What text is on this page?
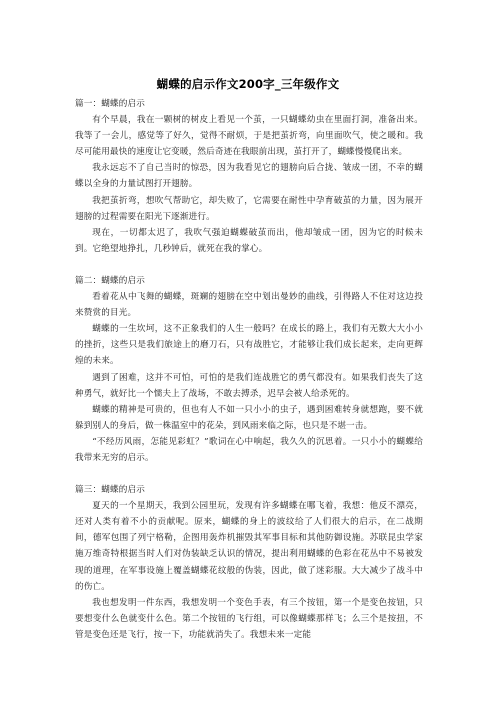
蝴蝶的启示作文200字_三年级作文

篇一：蝴蝶的启示

有个早晨，我在一颗树的树皮上看见一个茧，一只蝴蝶幼虫在里面打洞，准备出来。我等了一会儿，感觉等了好久，觉得不耐烦，于是把茧折弯，向里面吹气，使之暖和。我尽可能用最快的速度让它变暖，然后奇迹在我眼前出现，茧打开了，蝴蝶慢慢爬出来。

我永远忘不了自己当时的惊恐，因为我看见它的翅膀向后合拢、皱成一团，不幸的蝴蝶以全身的力量试图打开翅膀。

我把茧折弯，想吹气帮助它，却失败了，它需要在耐性中孕育破茧的力量，因为展开翅膀的过程需要在阳光下逐渐进行。

现在，一切都太迟了，我吹气强迫蝴蝶破茧而出，他却皱成一团，因为它的时候未到。它绝望地挣扎，几秒钟后，就死在我的掌心。

篇二：蝴蝶的启示

看着花从中飞舞的蝴蝶，斑斓的翅膀在空中划出曼妙的曲线，引得路人不住对这边投来赞赏的目光。

蝴蝶的一生坎坷，这不正象我们的人生一般吗？在成长的路上，我们有无数大大小小的挫折，这些只是我们旅途上的磨刀石，只有战胜它，才能够让我们成长起来，走向更辉煌的未来。

遇到了困难，这并不可怕，可怕的是我们连战胜它的勇气都没有。如果我们丧失了这种勇气，就好比一个懦夫上了战场，不敢去搏杀，迟早会被人给杀死的。

蝴蝶的精神是可贵的，但也有人不如一只小小的虫子，遇到困难转身就想跑，要不就躲到别人的身后，做一株温室中的花朵，到风雨来临之际，也只是不堪一击。

“不经历风雨，怎能见彩虹？”歌词在心中响起，我久久的沉思着。一只小小的蝴蝶给我带来无穷的启示。

篇三：蝴蝶的启示

夏天的一个星期天，我到公园里玩，发现有许多蝴蝶在哪飞着，我想：他反不漂亮，还对人类有着不小的贡献呢。原来，蝴蝶的身上的波纹给了人们很大的启示，在二战期间，德军包围了列宁格勒，企图用轰炸机摧毁其军事目标和其他防御设施。苏联昆虫学家施万维奇特根据当时人们对伪装缺乏认识的情况，提出利用蝴蝶的色彩在花丛中不易被发现的道理，在军事设施上覆盖蝴蝶花纹般的伪装，因此，做了迷彩服。大大减少了战斗中的伤亡。

我也想发明一件东西，我想发明一个变色手表，有三个按钮，第一个是变色按钮，只要想变什么色就变什么色。第二个按钮的飞行组，可以像蝴蝶那样飞；么三个是按扭，不管是变色还是飞行，按一下，功能就消失了。我想未来一定能
